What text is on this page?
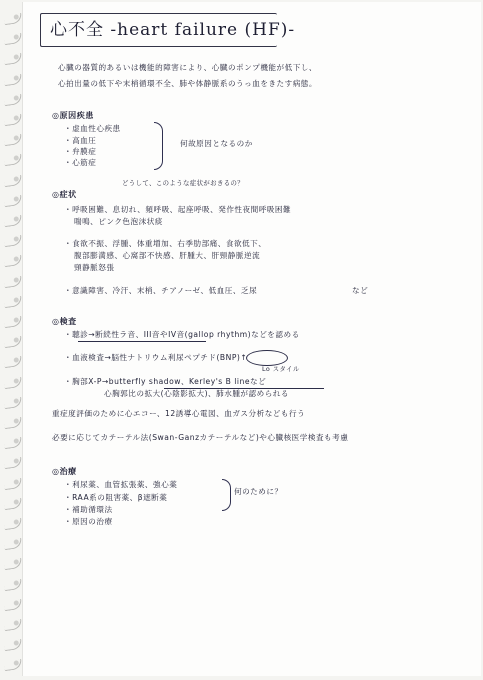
心不全 -heart failure (HF)-
心臓の器質的あるいは機能的障害により、心臓のポンプ機能が低下し、
心拍出量の低下や末梢循環不全、肺や体静脈系のうっ血をきたす病態。
◎原因疾患
・虚血性心疾患
・高血圧
・弁膜症
・心筋症
何故原因となるのか
◎症状
どうして、このような症状がおきるの？
・呼吸困難、息切れ、頻呼吸、起座呼吸、発作性夜間呼吸困難
喘鳴、ピンク色泡沫状痰
・食欲不振、浮腫、体重増加、右季肋部痛、食欲低下、
腹部膨満感、心窩部不快感、肝腫大、肝頸静脈逆流
頸静脈怒張
・意識障害、冷汗、末梢、チアノーゼ、低血圧、乏尿	など
◎検査
・聴診→断続性ラ音、III音やIV音(gallop rhythm)などを認める
・血液検査→脳性ナトリウム利尿ペプチド(BNP)↑
Lo スタイル
・胸部X-P→butterfly shadow、Kerley's B lineなど
心胸郭比の拡大(心陰影拡大)、肺水腫が認められる
重症度評価のために心エコー、12誘導心電図、血ガス分析なども行う
必要に応じてカテーテル法(Swan-Ganzカテーテルなど)や心臓核医学検査も考慮
◎治療
・利尿薬、血管拡張薬、強心薬
・RAA系の阻害薬、β遮断薬
・補助循環法
・原因の治療
何のために？
